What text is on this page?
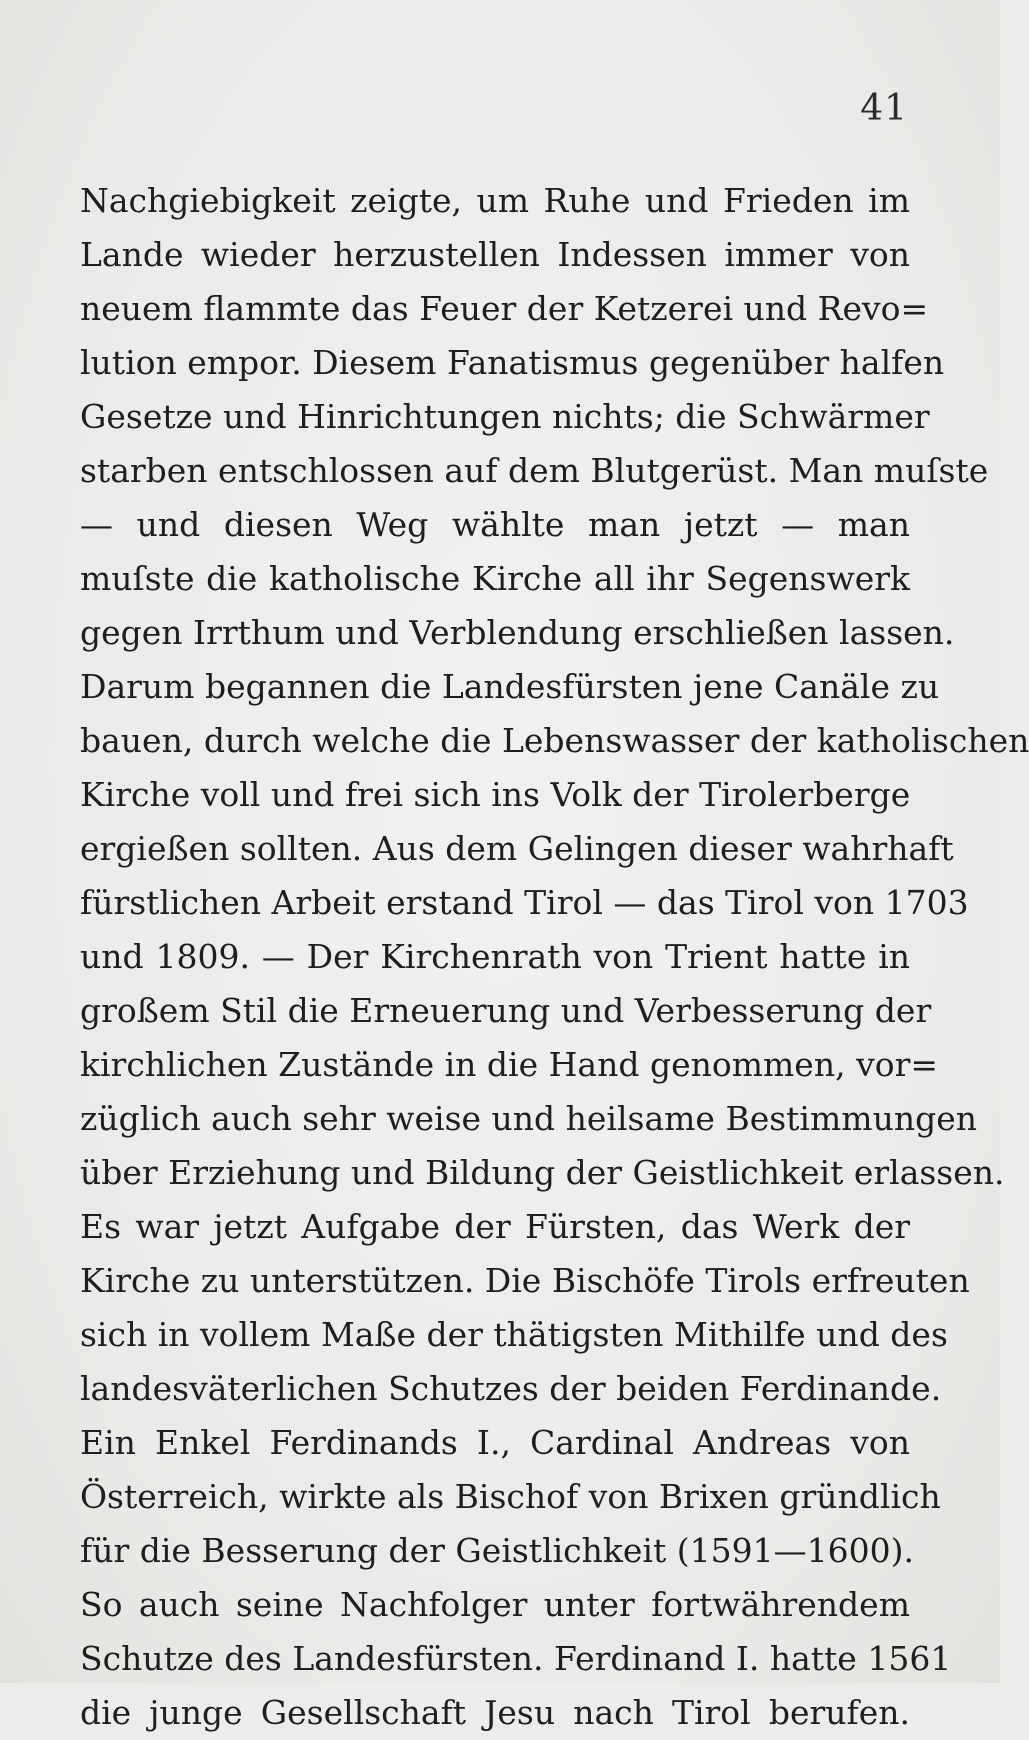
41
Nachgiebigkeit zeigte, um Ruhe und Frieden im
Lande wieder herzustellen Indessen immer von
neuem flammte das Feuer der Ketzerei und Revo=
lution empor. Diesem Fanatismus gegenüber halfen
Gesetze und Hinrichtungen nichts; die Schwärmer
starben entschlossen auf dem Blutgerüst. Man muſste
— und diesen Weg wählte man jetzt — man
muſste die katholische Kirche all ihr Segenswerk
gegen Irrthum und Verblendung erschließen lassen.
Darum begannen die Landesfürsten jene Canäle zu
bauen, durch welche die Lebenswasser der katholischen
Kirche voll und frei sich ins Volk der Tirolerberge
ergießen sollten. Aus dem Gelingen dieser wahrhaft
fürstlichen Arbeit erstand Tirol — das Tirol von 1703
und 1809. — Der Kirchenrath von Trient hatte in
großem Stil die Erneuerung und Verbesserung der
kirchlichen Zustände in die Hand genommen, vor=
züglich auch sehr weise und heilsame Bestimmungen
über Erziehung und Bildung der Geistlichkeit erlassen.
Es war jetzt Aufgabe der Fürsten, das Werk der
Kirche zu unterstützen. Die Bischöfe Tirols erfreuten
sich in vollem Maße der thätigsten Mithilfe und des
landesväterlichen Schutzes der beiden Ferdinande.
Ein Enkel Ferdinands I., Cardinal Andreas von
Österreich, wirkte als Bischof von Brixen gründlich
für die Besserung der Geistlichkeit (1591—1600).
So auch seine Nachfolger unter fortwährendem
Schutze des Landesfürsten. Ferdinand I. hatte 1561
die junge Gesellschaft Jesu nach Tirol berufen.
